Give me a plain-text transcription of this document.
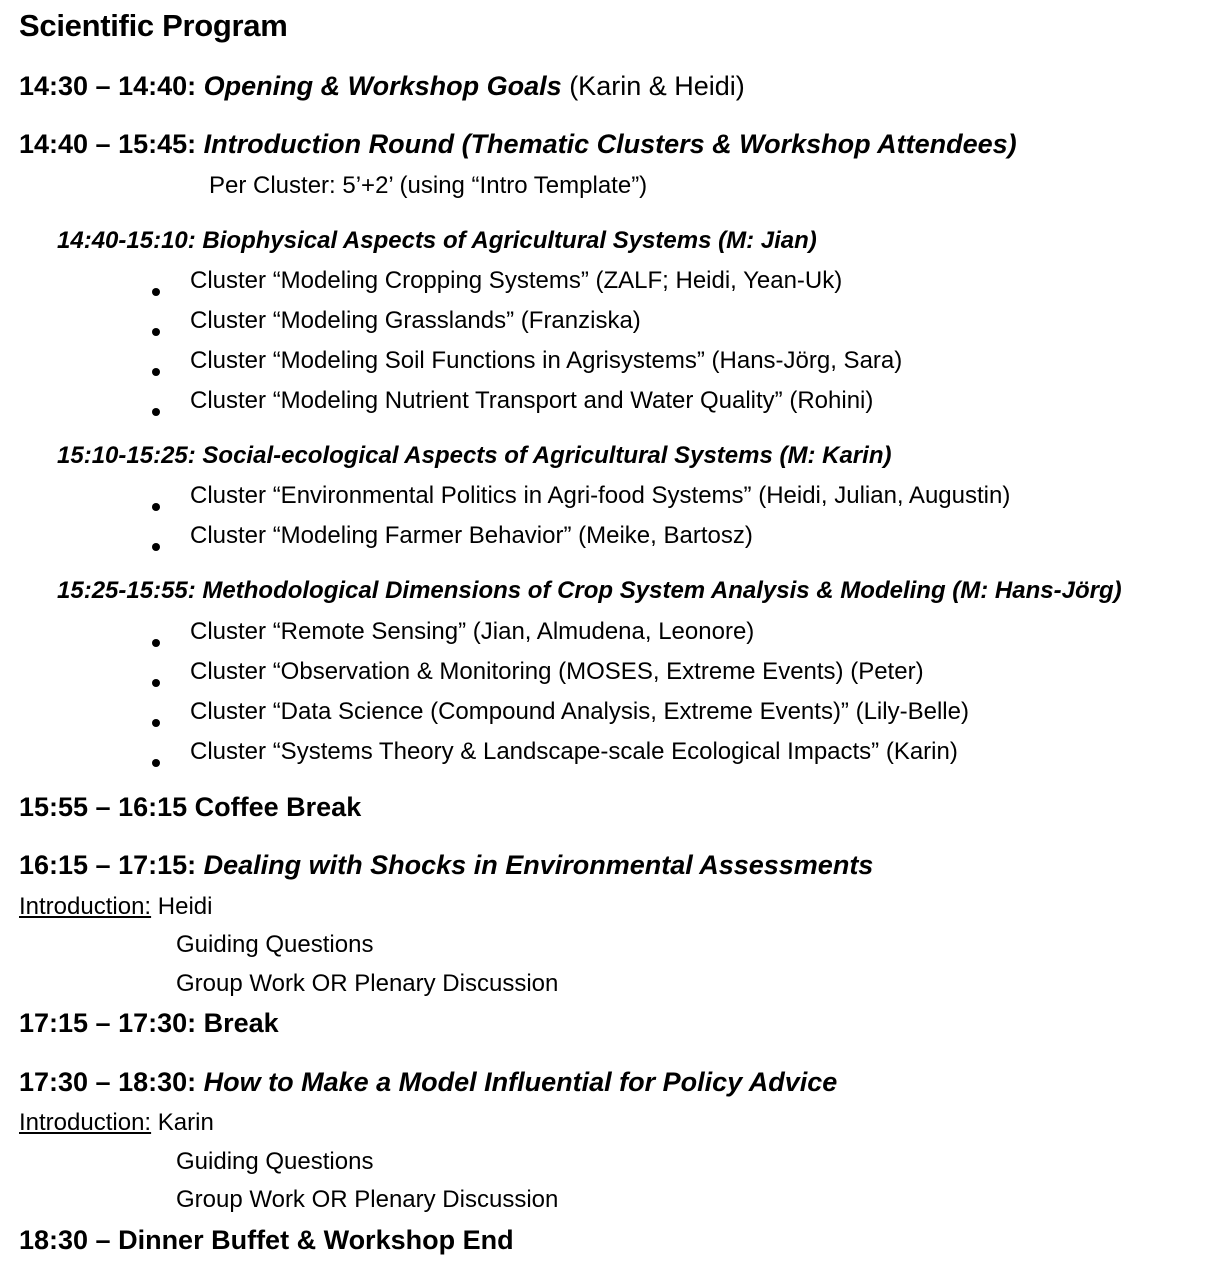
Scientific Program
14:30 – 14:40: Opening & Workshop Goals (Karin & Heidi)
14:40 – 15:45: Introduction Round (Thematic Clusters & Workshop Attendees)
Per Cluster: 5’+2’ (using “Intro Template”)
14:40-15:10: Biophysical Aspects of Agricultural Systems (M: Jian)
Cluster “Modeling Cropping Systems” (ZALF; Heidi, Yean-Uk)
Cluster “Modeling Grasslands” (Franziska)
Cluster “Modeling Soil Functions in Agrisystems” (Hans-Jörg, Sara)
Cluster “Modeling Nutrient Transport and Water Quality” (Rohini)
15:10-15:25: Social-ecological Aspects of Agricultural Systems (M: Karin)
Cluster “Environmental Politics in Agri-food Systems” (Heidi, Julian, Augustin)
Cluster “Modeling Farmer Behavior” (Meike, Bartosz)
15:25-15:55: Methodological Dimensions of Crop System Analysis & Modeling (M: Hans-Jörg)
Cluster “Remote Sensing” (Jian, Almudena, Leonore)
Cluster “Observation & Monitoring (MOSES, Extreme Events) (Peter)
Cluster “Data Science (Compound Analysis, Extreme Events)” (Lily-Belle)
Cluster “Systems Theory & Landscape-scale Ecological Impacts” (Karin)
15:55 – 16:15 Coffee Break
16:15 – 17:15: Dealing with Shocks in Environmental Assessments
Introduction: Heidi
Guiding Questions
Group Work OR Plenary Discussion
17:15 – 17:30: Break
17:30 – 18:30: How to Make a Model Influential for Policy Advice
Introduction: Karin
Guiding Questions
Group Work OR Plenary Discussion
18:30 – Dinner Buffet & Workshop End
